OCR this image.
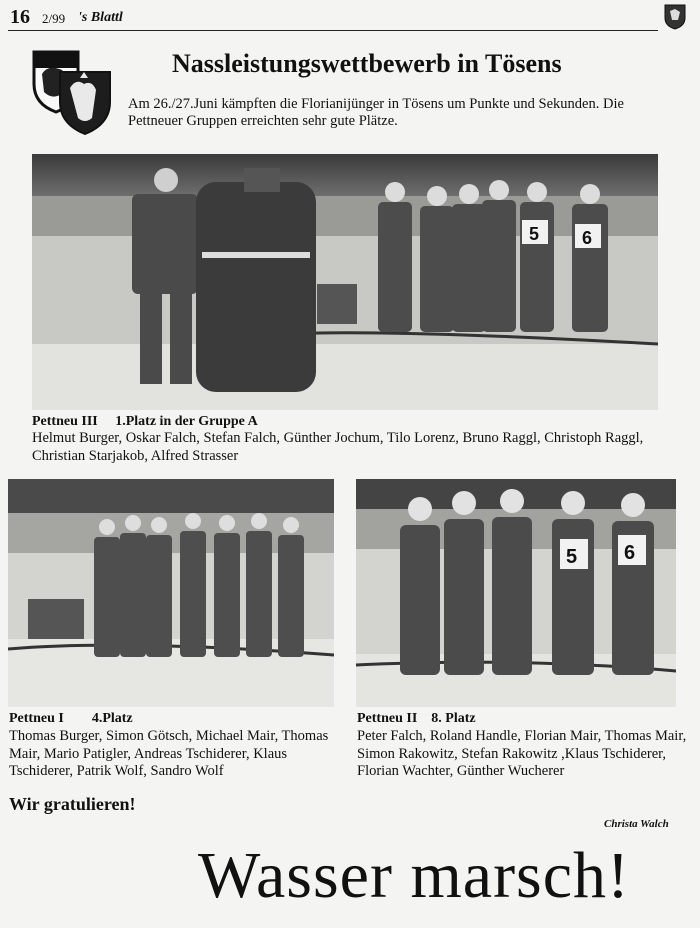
16 2/99 's Blattl
Nassleistungswettbewerb in Tösens
Am 26./27.Juni kämpften die Florianijünger in Tösens um Punkte und Sekunden. Die Pettneuer Gruppen erreichten sehr gute Plätze.
5 6
Pettneu III 1.Platz in der Gruppe A
Helmut Burger, Oskar Falch, Stefan Falch, Günther Jochum, Tilo Lorenz, Bruno Raggl, Christoph Raggl, Christian Starjakob, Alfred Strasser
5 6
Pettneu I 4.Platz
Thomas Burger, Simon Götsch, Michael Mair, Thomas Mair, Mario Patigler, Andreas Tschiderer, Klaus Tschiderer, Patrik Wolf, Sandro Wolf
Pettneu II 8. Platz
Peter Falch, Roland Handle, Florian Mair, Thomas Mair, Simon Rakowitz, Stefan Rakowitz ,Klaus Tschiderer, Florian Wachter, Günther Wucherer
Wir gratulieren!
Christa Walch
Wasser marsch!
